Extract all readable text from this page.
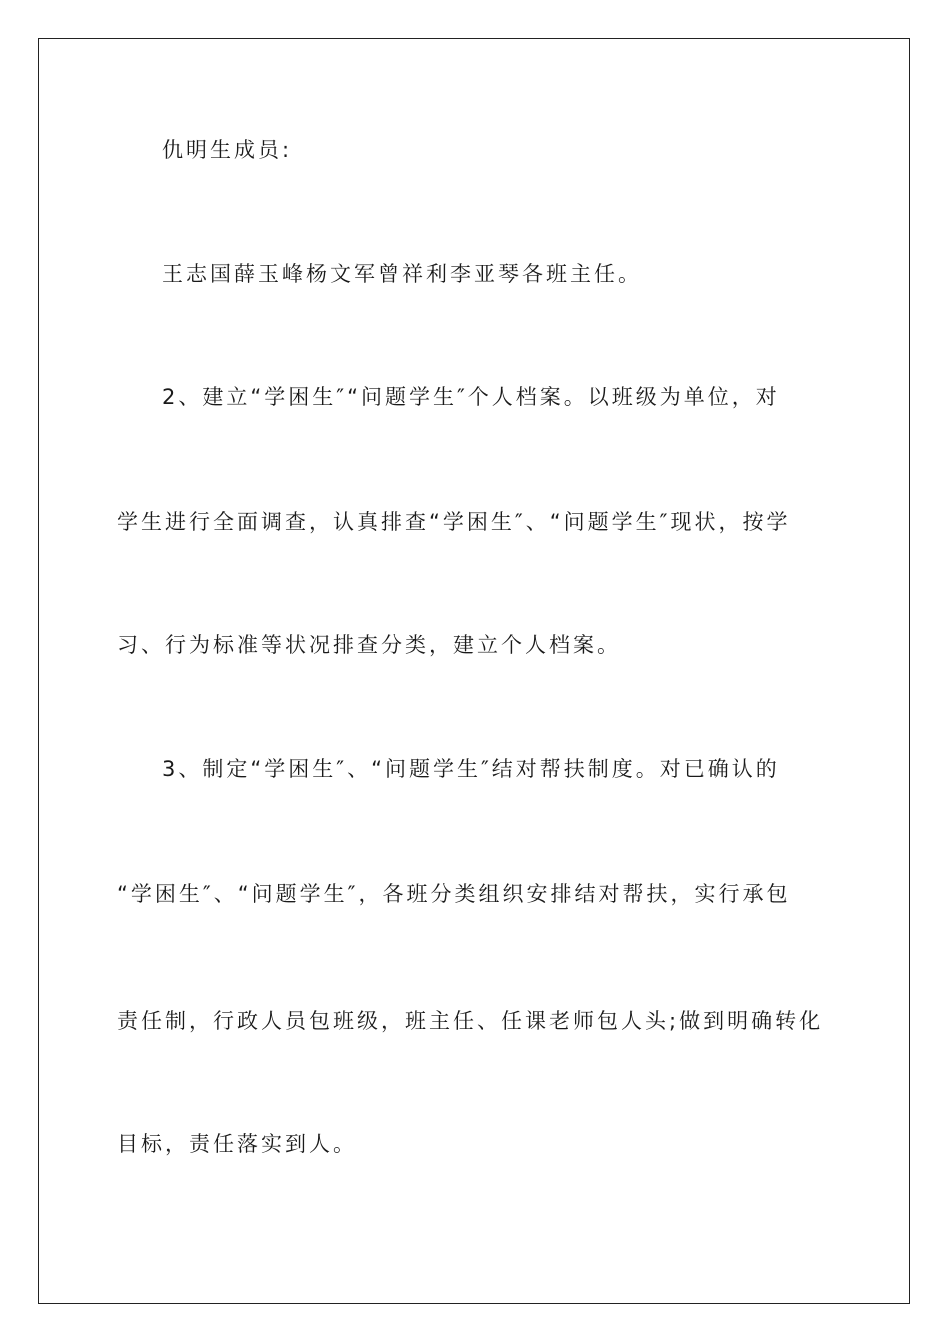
仇明生成员:
王志国薛玉峰杨文军曾祥利李亚琴各班主任。
2、建立“学困生″“问题学生″个人档案。以班级为单位，对
学生进行全面调查，认真排查“学困生″、“问题学生″现状，按学
习、行为标准等状况排查分类，建立个人档案。
3、制定“学困生″、“问题学生″结对帮扶制度。对已确认的
“学困生″、“问题学生″，各班分类组织安排结对帮扶，实行承包
责任制，行政人员包班级，班主任、任课老师包人头;做到明确转化
目标，责任落实到人。
